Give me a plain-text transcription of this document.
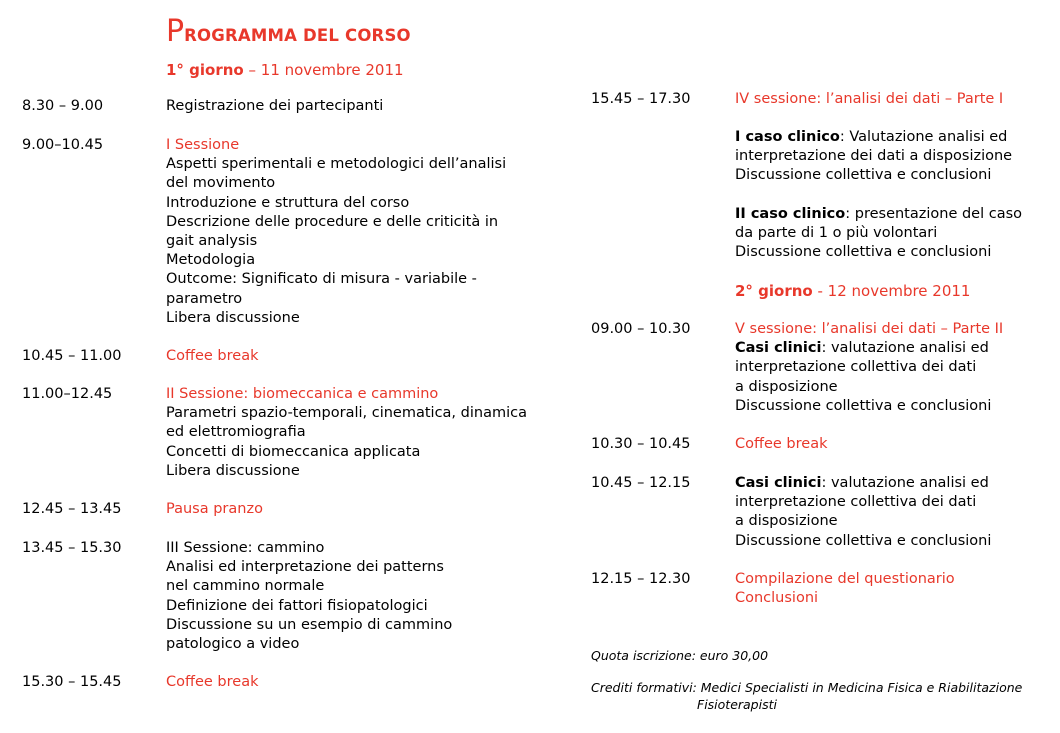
PROGRAMMA DEL CORSO
1° giorno – 11 novembre 2011
8.30 – 9.00	Registrazione dei partecipanti
9.00–10.45	I Sessione
Aspetti sperimentali e metodologici dell’analisi
del movimento
Introduzione e struttura del corso
Descrizione delle procedure e delle criticità in
gait analysis
Metodologia
Outcome: Significato di misura - variabile -
parametro
Libera discussione
10.45 – 11.00	Coffee break
11.00–12.45	II Sessione: biomeccanica e cammino
Parametri spazio-temporali, cinematica, dinamica
ed elettromiografia
Concetti di biomeccanica applicata
Libera discussione
12.45 – 13.45	Pausa pranzo
13.45 – 15.30	III Sessione: cammino
Analisi ed interpretazione dei patterns
nel cammino normale
Definizione dei fattori fisiopatologici
Discussione su un esempio di cammino
patologico a video
15.30 – 15.45	Coffee break
15.45 – 17.30	IV sessione: l’analisi dei dati – Parte I
I caso clinico: Valutazione analisi ed
interpretazione dei dati a disposizione
Discussione collettiva e conclusioni
II caso clinico: presentazione del caso
da parte di 1 o più volontari
Discussione collettiva e conclusioni
2° giorno - 12 novembre 2011
09.00 – 10.30	V sessione: l’analisi dei dati – Parte II
Casi clinici: valutazione analisi ed
interpretazione collettiva dei dati
a disposizione
Discussione collettiva e conclusioni
10.30 – 10.45	Coffee break
10.45 – 12.15	Casi clinici: valutazione analisi ed
interpretazione collettiva dei dati
a disposizione
Discussione collettiva e conclusioni
12.15 – 12.30	Compilazione del questionario
Conclusioni
Quota iscrizione: euro 30,00
Crediti formativi: Medici Specialisti in Medicina Fisica e Riabilitazione
Fisioterapisti
